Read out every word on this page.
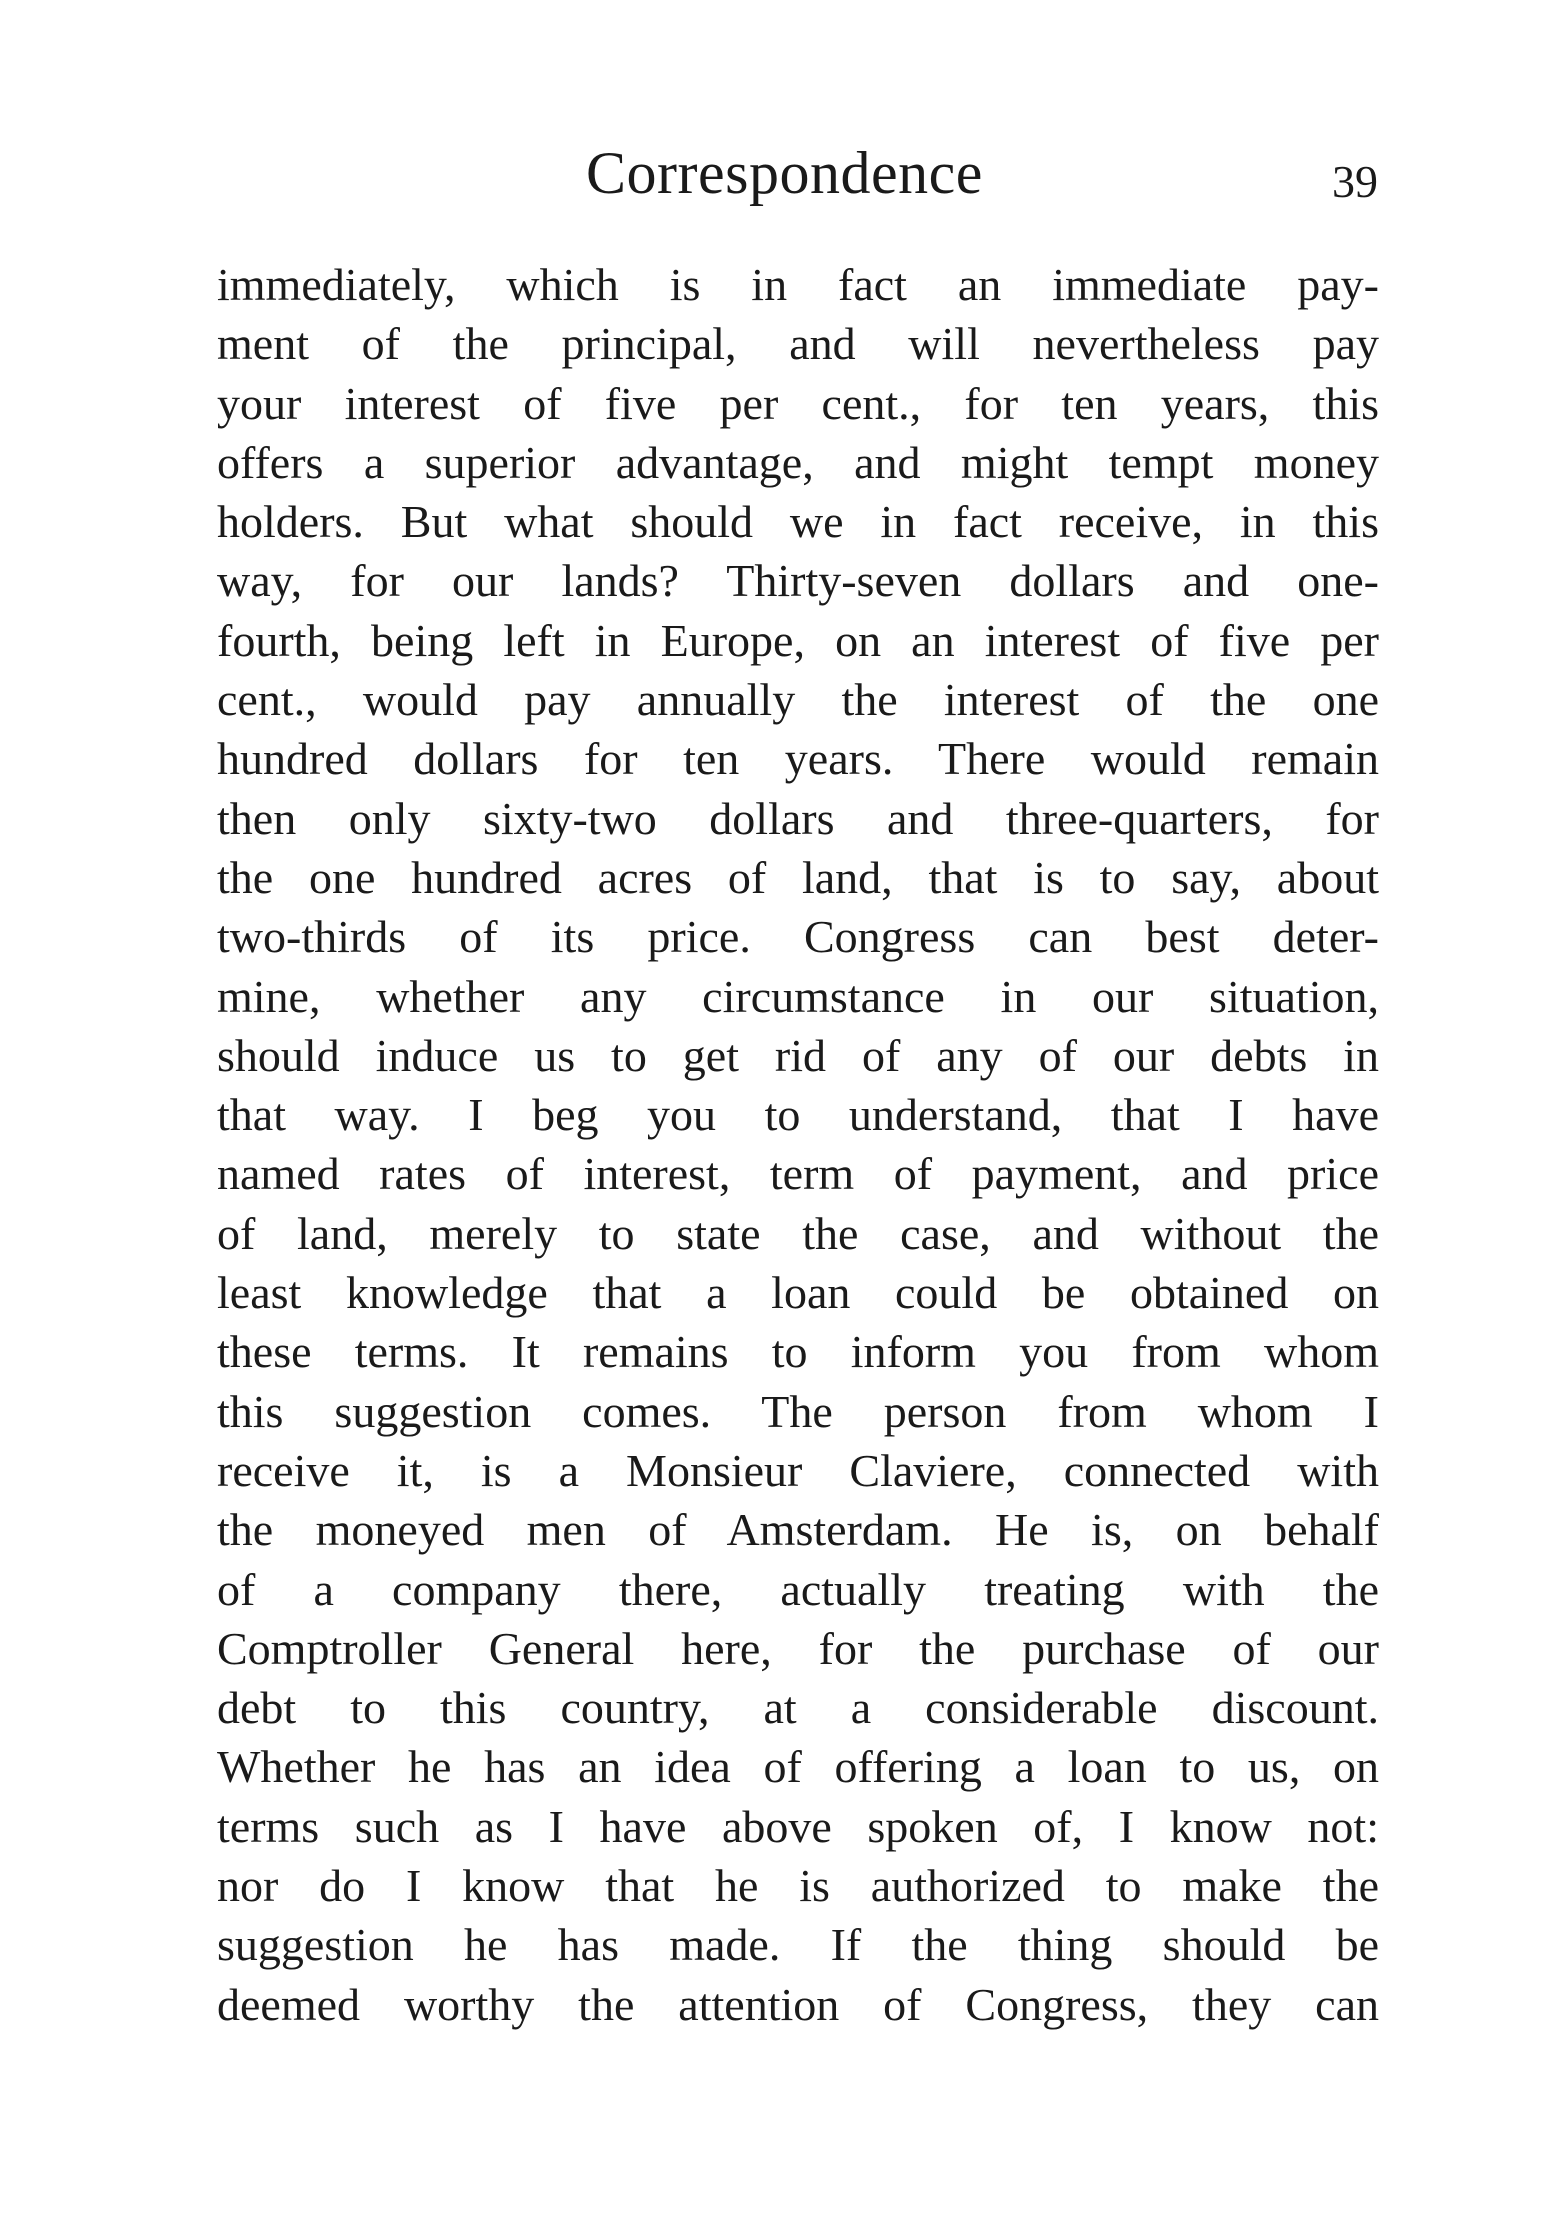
Correspondence	39
immediately, which is in fact an immediate pay-
ment of the principal, and will nevertheless pay
your interest of five per cent., for ten years, this
offers a superior advantage, and might tempt money
holders. But what should we in fact receive, in this
way, for our lands? Thirty-seven dollars and one-
fourth, being left in Europe, on an interest of five per
cent., would pay annually the interest of the one
hundred dollars for ten years. There would remain
then only sixty-two dollars and three-quarters, for
the one hundred acres of land, that is to say, about
two-thirds of its price. Congress can best deter-
mine, whether any circumstance in our situation,
should induce us to get rid of any of our debts in
that way. I beg you to understand, that I have
named rates of interest, term of payment, and price
of land, merely to state the case, and without the
least knowledge that a loan could be obtained on
these terms. It remains to inform you from whom
this suggestion comes. The person from whom I
receive it, is a Monsieur Claviere, connected with
the moneyed men of Amsterdam. He is, on behalf
of a company there, actually treating with the
Comptroller General here, for the purchase of our
debt to this country, at a considerable discount.
Whether he has an idea of offering a loan to us, on
terms such as I have above spoken of, I know not:
nor do I know that he is authorized to make the
suggestion he has made. If the thing should be
deemed worthy the attention of Congress, they can
